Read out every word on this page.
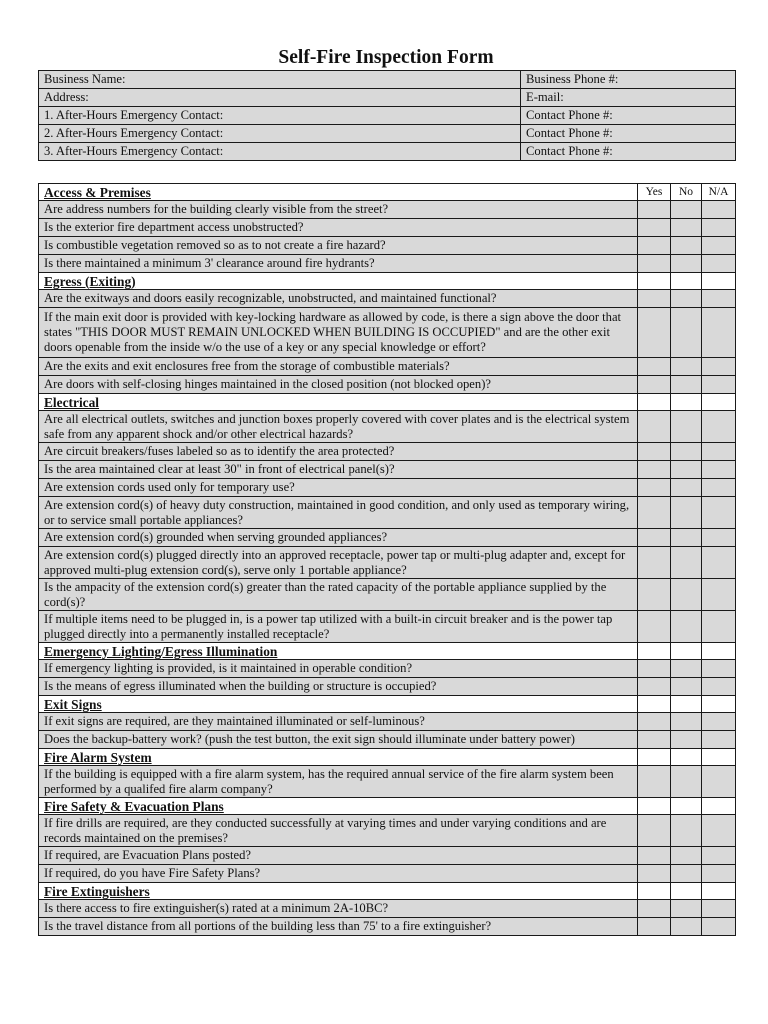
Self-Fire Inspection Form
Business Name:	Business Phone #:
Address:	E-mail:
1. After-Hours Emergency Contact:	Contact Phone #:
2. After-Hours Emergency Contact:	Contact Phone #:
3. After-Hours Emergency Contact:	Contact Phone #:
Access & Premises	Yes	No	N/A
Are address numbers for the building clearly visible from the street?			
Is the exterior fire department access unobstructed?			
Is combustible vegetation removed so as to not create a fire hazard?			
Is there maintained a minimum 3' clearance around fire hydrants?			
Egress (Exiting)			
Are the exitways and doors easily recognizable, unobstructed, and maintained functional?			
If the main exit door is provided with key-locking hardware as allowed by code, is there a sign above the door that states "THIS DOOR MUST REMAIN UNLOCKED WHEN BUILDING IS OCCUPIED" and are the other exit doors openable from the inside w/o the use of a key or any special knowledge or effort?			
Are the exits and exit enclosures free from the storage of combustible materials?			
Are doors with self-closing hinges maintained in the closed position (not blocked open)?			
Electrical			
Are all electrical outlets, switches and junction boxes properly covered with cover plates and is the electrical system safe from any apparent shock and/or other electrical hazards?			
Are circuit breakers/fuses labeled so as to identify the area protected?			
Is the area maintained clear at least 30" in front of electrical panel(s)?			
Are extension cords used only for temporary use?			
Are extension cord(s) of heavy duty construction, maintained in good condition, and only used as temporary wiring, or to service small portable appliances?			
Are extension cord(s) grounded when serving grounded appliances?			
Are extension cord(s) plugged directly into an approved receptacle, power tap or multi-plug adapter and, except for approved multi-plug extension cord(s), serve only 1 portable appliance?			
Is the ampacity of the extension cord(s) greater than the rated capacity of the portable appliance supplied by the cord(s)?			
If multiple items need to be plugged in, is a power tap utilized with a built-in circuit breaker and is the power tap plugged directly into a permanently installed receptacle?			
Emergency Lighting/Egress Illumination			
If emergency lighting is provided, is it maintained in operable condition?			
Is the means of egress illuminated when the building or structure is occupied?			
Exit Signs			
If exit signs are required, are they maintained illuminated or self-luminous?			
Does the backup-battery work? (push the test button, the exit sign should illuminate under battery power)			
Fire Alarm System			
If the building is equipped with a fire alarm system, has the required annual service of the fire alarm system been performed by a qualifed fire alarm company?			
Fire Safety & Evacuation Plans			
If fire drills are required, are they conducted successfully at varying times and under varying conditions and are records maintained on the premises?			
If required, are Evacuation Plans posted?			
If required, do you have Fire Safety Plans?			
Fire Extinguishers			
Is there access to fire extinguisher(s) rated at a minimum 2A-10BC?			
Is the travel distance from all portions of the building less than 75' to a fire extinguisher?			
